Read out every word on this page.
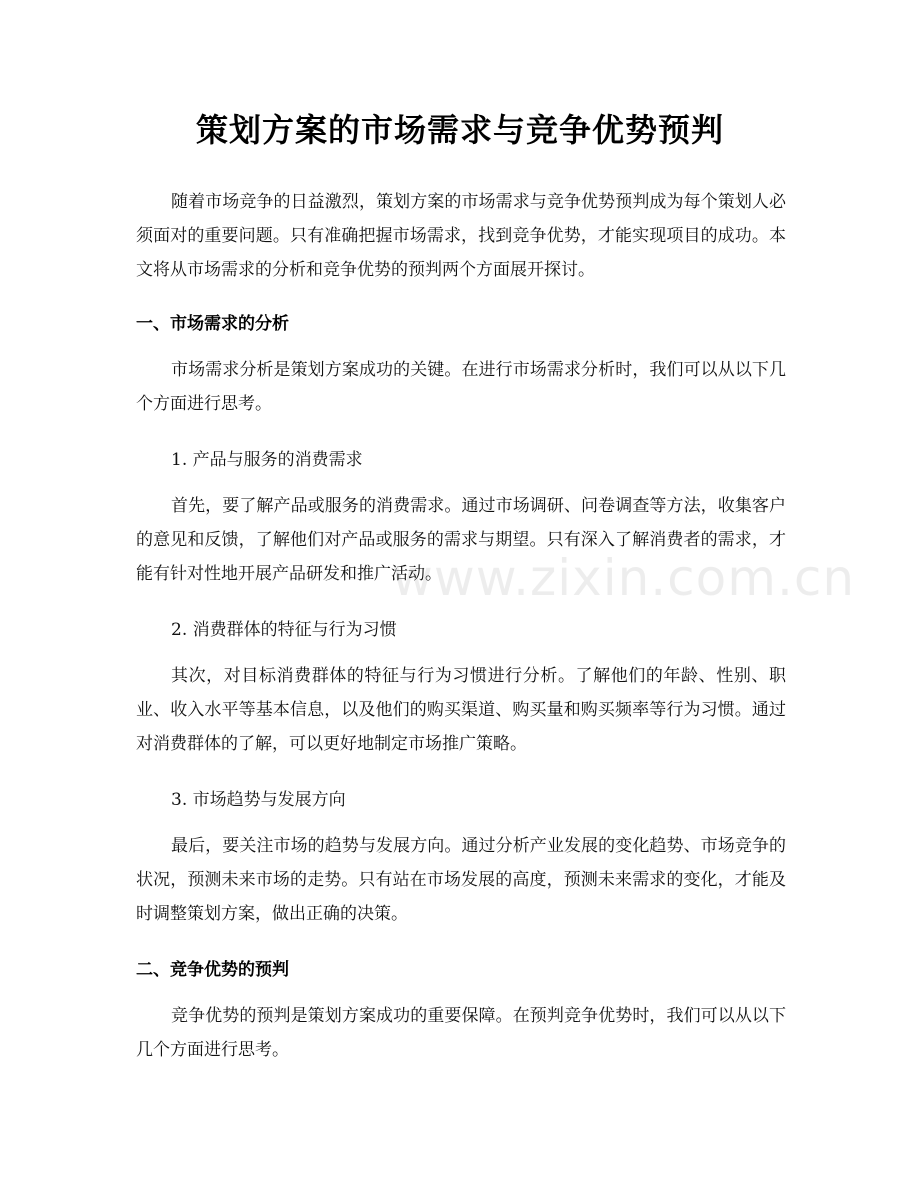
策划方案的市场需求与竞争优势预判
随着市场竞争的日益激烈，策划方案的市场需求与竞争优势预判成为每个策划人必须面对的重要问题。只有准确把握市场需求，找到竞争优势，才能实现项目的成功。本文将从市场需求的分析和竞争优势的预判两个方面展开探讨。
一、市场需求的分析
市场需求分析是策划方案成功的关键。在进行市场需求分析时，我们可以从以下几个方面进行思考。
1. 产品与服务的消费需求
首先，要了解产品或服务的消费需求。通过市场调研、问卷调查等方法，收集客户的意见和反馈，了解他们对产品或服务的需求与期望。只有深入了解消费者的需求，才能有针对性地开展产品研发和推广活动。
2. 消费群体的特征与行为习惯
其次，对目标消费群体的特征与行为习惯进行分析。了解他们的年龄、性别、职业、收入水平等基本信息，以及他们的购买渠道、购买量和购买频率等行为习惯。通过对消费群体的了解，可以更好地制定市场推广策略。
3. 市场趋势与发展方向
最后，要关注市场的趋势与发展方向。通过分析产业发展的变化趋势、市场竞争的状况，预测未来市场的走势。只有站在市场发展的高度，预测未来需求的变化，才能及时调整策划方案，做出正确的决策。
二、竞争优势的预判
竞争优势的预判是策划方案成功的重要保障。在预判竞争优势时，我们可以从以下几个方面进行思考。
www.zixin.com.cn
